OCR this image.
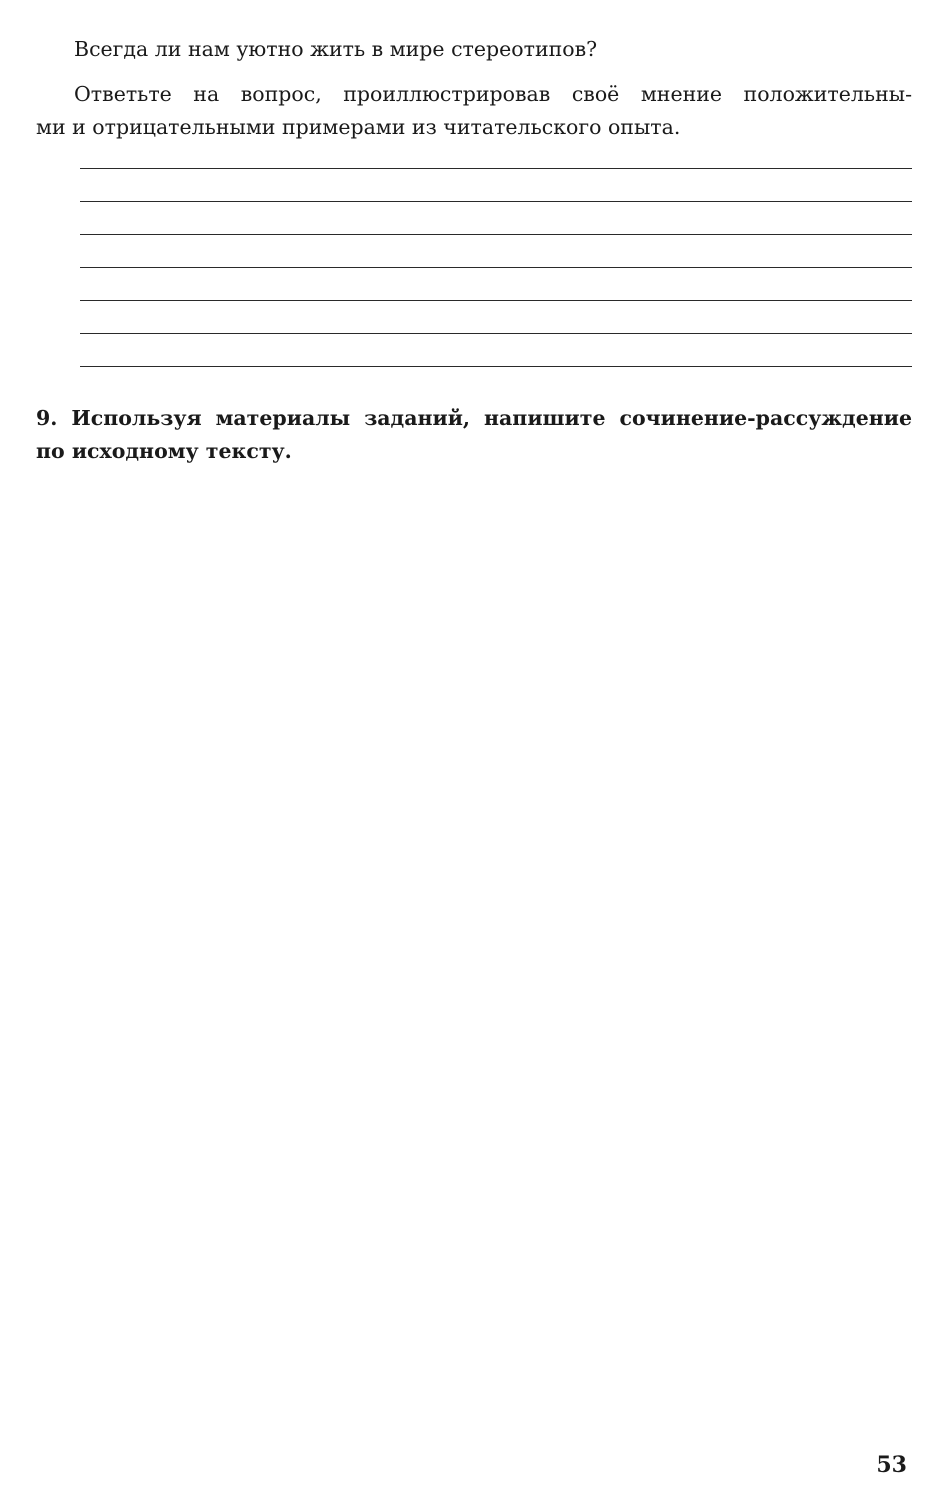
Всегда ли нам уютно жить в мире стереотипов?
Ответьте на вопрос, проиллюстрировав своё мнение положительны-
ми и отрицательными примерами из читательского опыта.
9. Используя материалы заданий, напишите сочинение-рассуждение
по исходному тексту.
53
